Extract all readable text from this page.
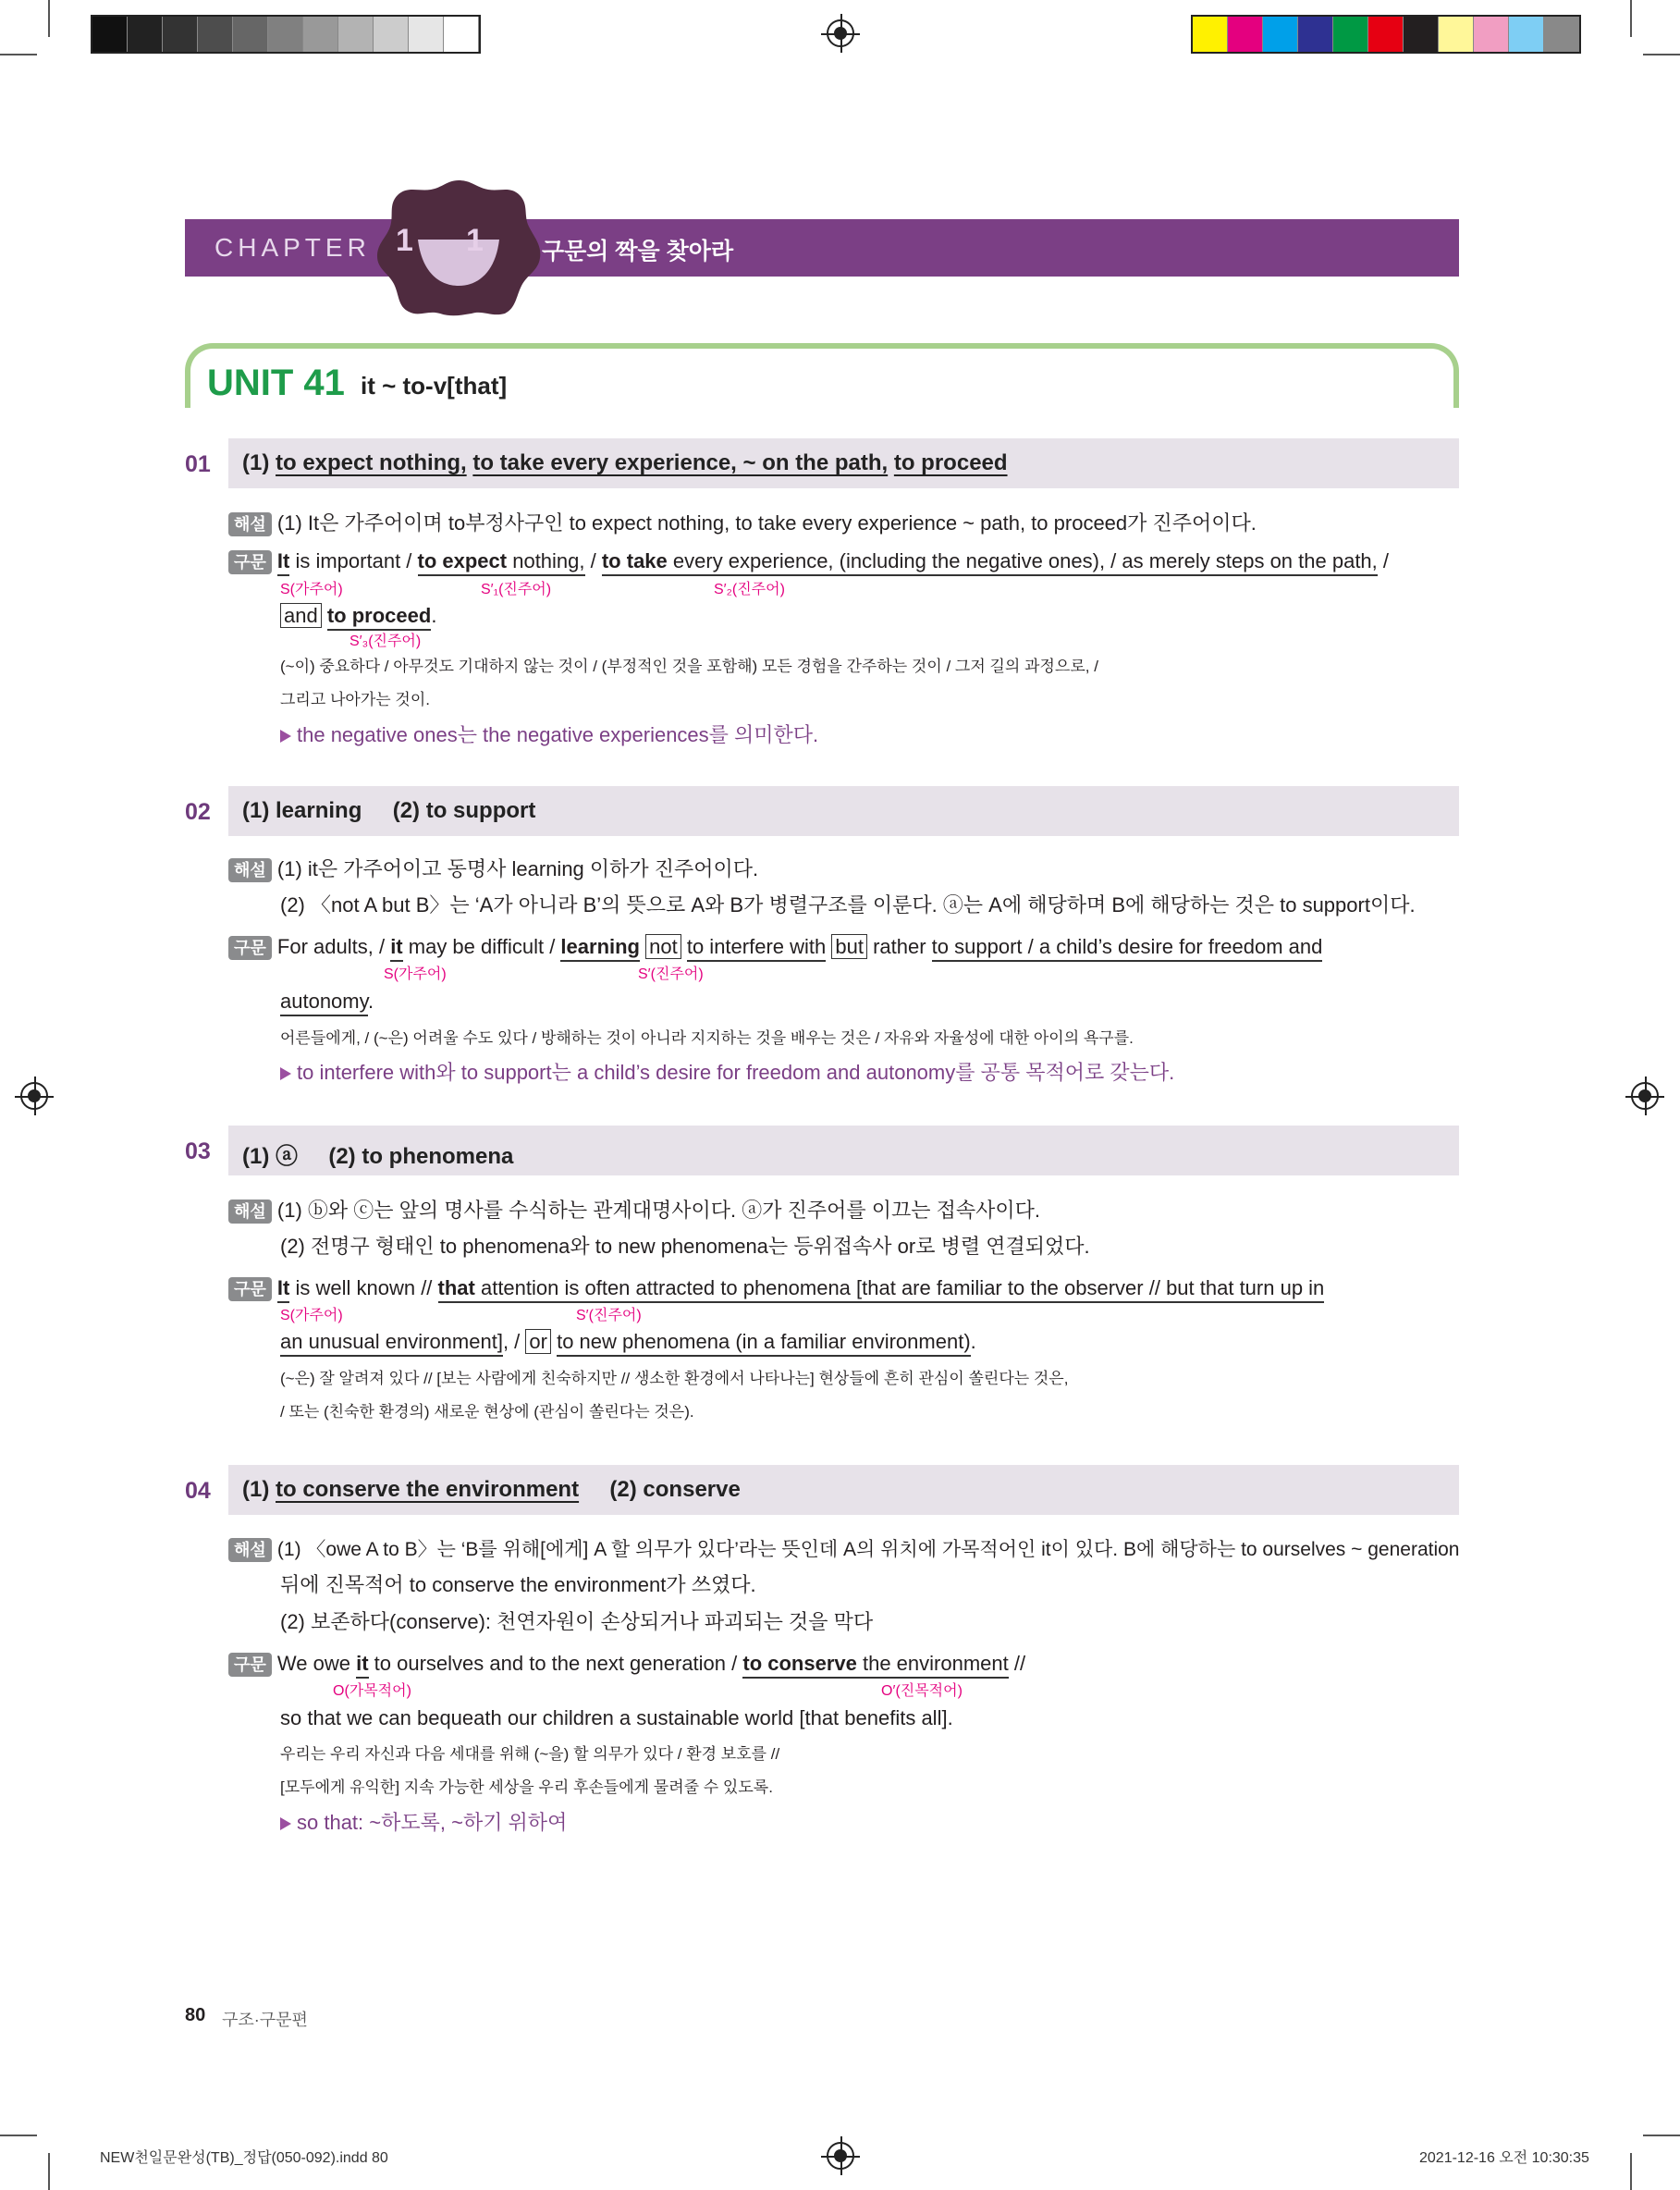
CHAPTER 1 1	구문의 짝을 찾아라
UNIT 41 it ~ to-v[that]
01 (1) to expect nothing, to take every experience, ~ on the path, to proceed
해설 (1) It은 가주어이며 to부정사구인 to expect nothing, to take every experience ~ path, to proceed가 진주어이다.
구문 It is important / to expect nothing, / to take every experience, (including the negative ones), / as merely steps on the path, /
S(가주어)	S′₁(진주어)	S′₂(진주어)
and to proceed.
S′₃(진주어)
(~이) 중요하다 / 아무것도 기대하지 않는 것이 / (부정적인 것을 포함해) 모든 경험을 간주하는 것이 / 그저 길의 과정으로, /
그리고 나아가는 것이.
the negative ones는 the negative experiences를 의미한다.
02 (1) learning (2) to support
해설 (1) it은 가주어이고 동명사 learning 이하가 진주어이다.
(2) 〈not A but B〉는 ‘A가 아니라 B’의 뜻으로 A와 B가 병렬구조를 이룬다. ⓐ는 A에 해당하며 B에 해당하는 것은 to support이다.
구문 For adults, / it may be difficult / learning not to interfere with but rather to support / a child’s desire for freedom and
S(가주어)	S′(진주어)
autonomy.
어른들에게, / (~은) 어려울 수도 있다 / 방해하는 것이 아니라 지지하는 것을 배우는 것은 / 자유와 자율성에 대한 아이의 욕구를.
to interfere with와 to support는 a child’s desire for freedom and autonomy를 공통 목적어로 갖는다.
03 (1) ⓐ (2) to phenomena
해설 (1) ⓑ와 ⓒ는 앞의 명사를 수식하는 관계대명사이다. ⓐ가 진주어를 이끄는 접속사이다.
(2) 전명구 형태인 to phenomena와 to new phenomena는 등위접속사 or로 병렬 연결되었다.
구문 It is well known // that attention is often attracted to phenomena [that are familiar to the observer // but that turn up in
S(가주어)	S′(진주어)
an unusual environment], / or to new phenomena (in a familiar environment).
(~은) 잘 알려져 있다 // [보는 사람에게 친숙하지만 // 생소한 환경에서 나타나는] 현상들에 흔히 관심이 쏠린다는 것은,
/ 또는 (친숙한 환경의) 새로운 현상에 (관심이 쏠린다는 것은).
04 (1) to conserve the environment (2) conserve
해설 (1) 〈owe A to B〉는 ‘B를 위해[에게] A 할 의무가 있다’라는 뜻인데 A의 위치에 가목적어인 it이 있다. B에 해당하는 to ourselves ~ generation
뒤에 진목적어 to conserve the environment가 쓰였다.
(2) 보존하다(conserve): 천연자원이 손상되거나 파괴되는 것을 막다
구문 We owe it to ourselves and to the next generation / to conserve the environment //
O(가목적어)	O′(진목적어)
so that we can bequeath our children a sustainable world [that benefits all].
우리는 우리 자신과 다음 세대를 위해 (~을) 할 의무가 있다 / 환경 보호를 //
[모두에게 유익한] 지속 가능한 세상을 우리 후손들에게 물려줄 수 있도록.
so that: ~하도록, ~하기 위하여
80 구조·구문편
NEW천일문완성(TB)_정답(050-092).indd 80	2021-12-16 오전 10:30:35
